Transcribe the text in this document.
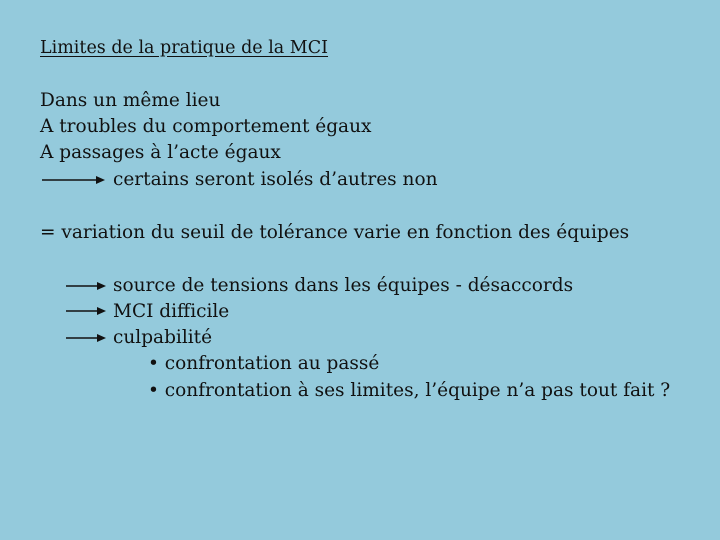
Limites de la pratique de la MCI
Dans un même lieu
A troubles du comportement égaux
A passages à l’acte égaux
certains seront isolés d’autres non
= variation du seuil de tolérance varie en fonction des équipes
source de tensions dans les équipes - désaccords
MCI difficile
culpabilité
• confrontation au passé
• confrontation à ses limites, l’équipe n’a pas tout fait ?
